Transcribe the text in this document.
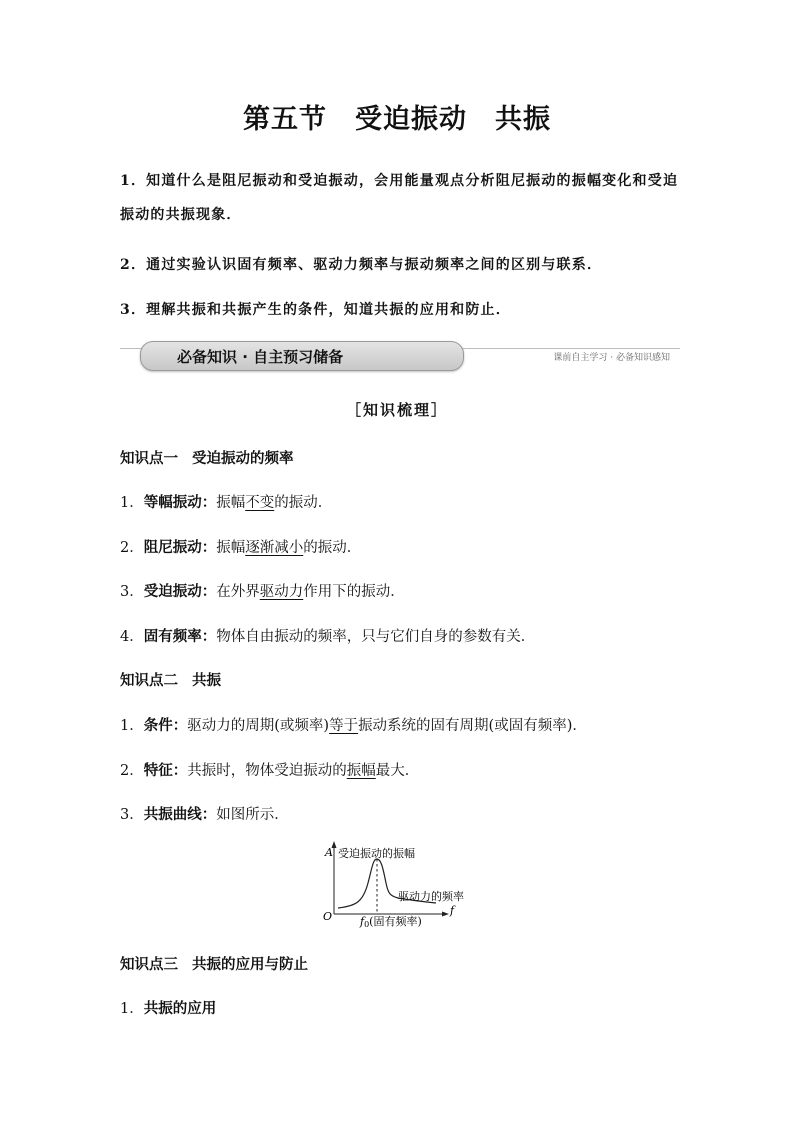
第五节 受迫振动 共振
1．知道什么是阻尼振动和受迫振动，会用能量观点分析阻尼振动的振幅变化和受迫振动的共振现象．
2．通过实验认识固有频率、驱动力频率与振动频率之间的区别与联系．
3．理解共振和共振产生的条件，知道共振的应用和防止．
必备知识 · 自主预习储备	课前自主学习 · 必备知识感知
［知识梳理］
知识点一 受迫振动的频率
1．等幅振动：振幅不变的振动．
2．阻尼振动：振幅逐渐减小的振动．
3．受迫振动：在外界驱动力作用下的振动．
4．固有频率：物体自由振动的频率，只与它们自身的参数有关．
知识点二 共振
1．条件：驱动力的周期(或频率)等于振动系统的固有周期(或固有频率)．
2．特征：共振时，物体受迫振动的振幅最大．
3．共振曲线：如图所示．
A 受迫振动的振幅
驱动力的频率
O	f
f0(固有频率)
知识点三 共振的应用与防止
1．共振的应用
